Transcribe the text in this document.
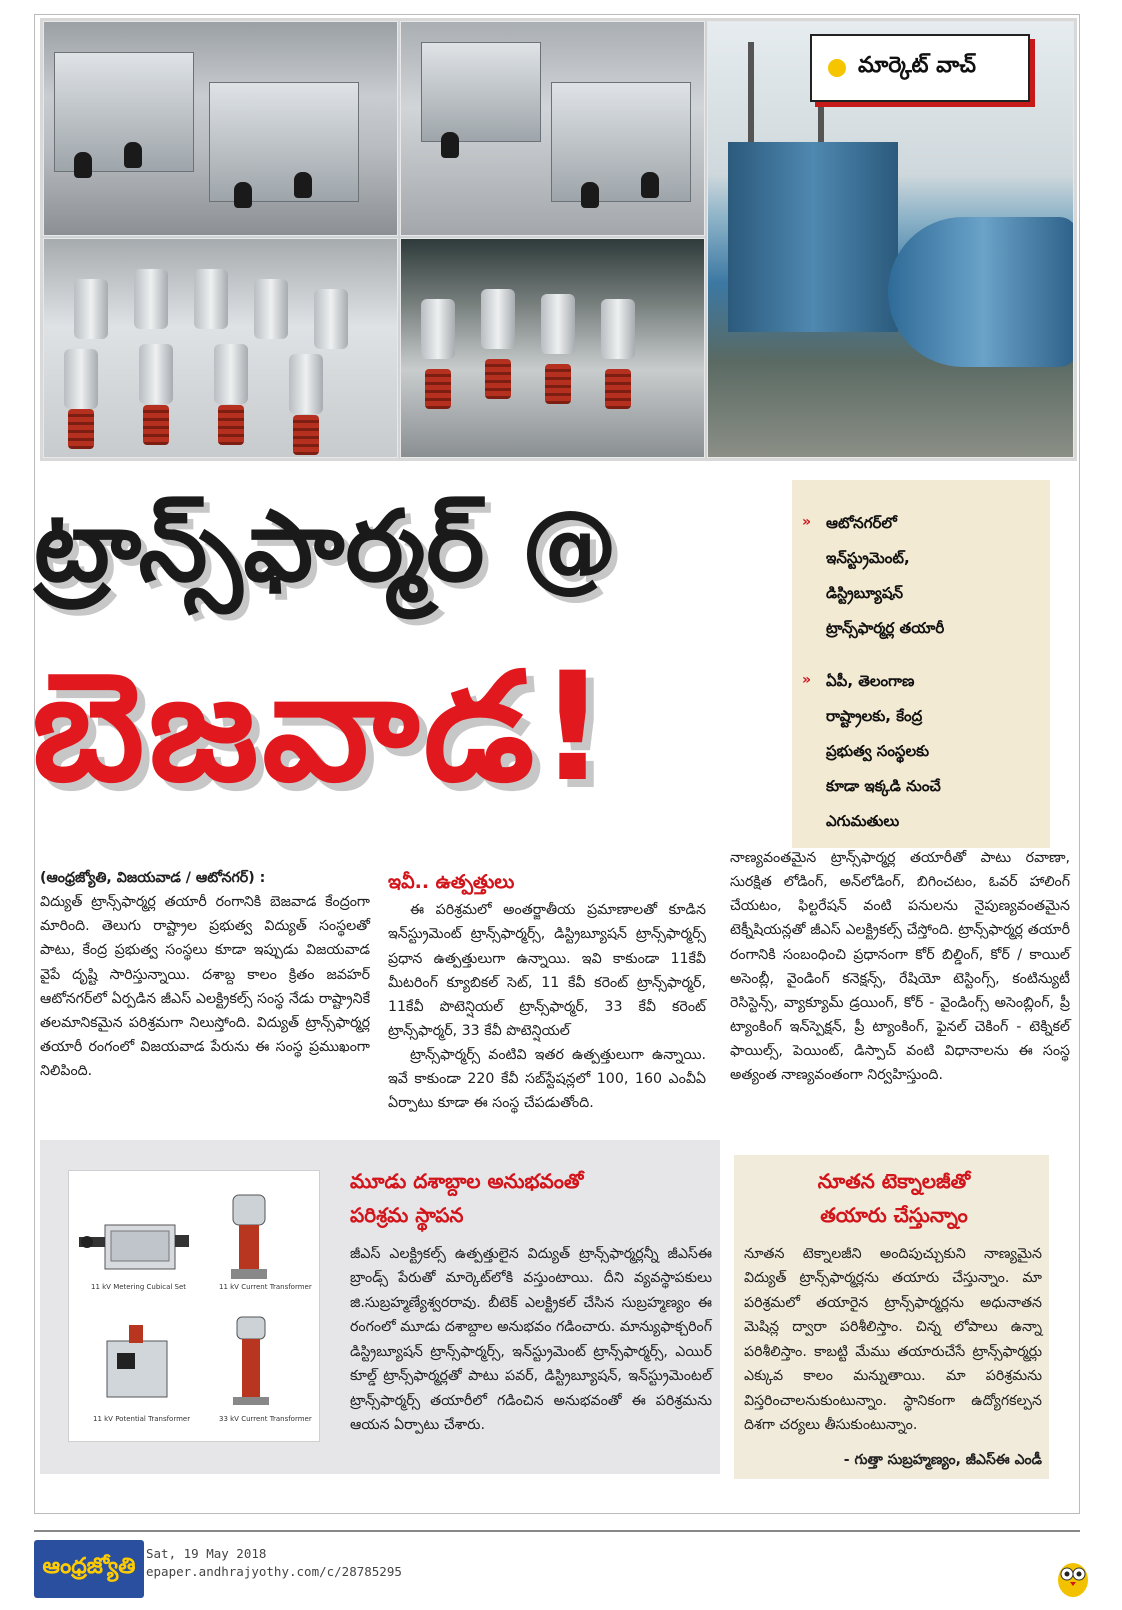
మార్కెట్ వాచ్
ట్రాన్స్‌ఫార్మర్ @
బెజవాడ!
» ఆటోనగర్‌లో
ఇన్‌స్ట్రుమెంట్,
డిస్ట్రిబ్యూషన్
ట్రాన్స్‌ఫార్మర్ల తయారీ
» ఏపీ, తెలంగాణ
రాష్ట్రాలకు, కేంద్ర
ప్రభుత్వ సంస్థలకు
కూడా ఇక్కడి నుంచే
ఎగుమతులు

(ఆంధ్రజ్యోతి, విజయవాడ / ఆటోనగర్‌) :

విద్యుత్‌ ట్రాన్స్‌ఫార్మర్ల తయారీ రంగానికి బెజవాడ కేంద్రంగా మారింది. తెలుగు రాష్ట్రాల ప్రభుత్వ విద్యుత్‌ సంస్థలతో పాటు, కేంద్ర ప్రభుత్వ సంస్థలు కూడా ఇప్పుడు విజయవాడ వైపే దృష్టి సారిస్తున్నాయి. దశాబ్ద కాలం క్రితం జవహర్‌ ఆటోనగర్‌లో ఏర్పడిన జీఎస్‌ ఎలక్ట్రికల్స్‌ సంస్థ నేడు రాష్ట్రానికే తలమానికమైన పరిశ్రమగా నిలుస్తోంది. విద్యుత్‌ ట్రాన్స్‌ఫార్మర్ల తయారీ రంగంలో విజయవాడ పేరును ఈ సంస్థ ప్రముఖంగా నిలిపింది.

ఇవీ.. ఉత్పత్తులు

ఈ పరిశ్రమలో అంతర్జాతీయ ప్రమాణాలతో కూడిన ఇన్‌స్ట్రుమెంట్‌ ట్రాన్స్‌ఫార్మర్స్‌, డిస్ట్రిబ్యూషన్‌ ట్రాన్స్‌ఫార్మర్స్‌ ప్రధాన ఉత్పత్తులుగా ఉన్నాయి. ఇవి కాకుండా 11కేవీ మీటరింగ్‌ క్యూబికల్‌ సెట్‌, 11 కేవీ కరెంట్‌ ట్రాన్స్‌ఫార్మర్‌, 11కేవీ పొటెన్షియల్‌ ట్రాన్స్‌ఫార్మర్‌, 33 కేవీ కరెంట్‌ ట్రాన్స్‌ఫార్మర్‌, 33 కేవీ పొటెన్షియల్‌

ట్రాన్స్‌ఫార్మర్స్‌ వంటివి ఇతర ఉత్పత్తులుగా ఉన్నాయి. ఇవే కాకుండా 220 కేవీ సబ్‌స్టేషన్లలో 100, 160 ఎంవీఏ ఏర్పాటు కూడా ఈ సంస్థ చేపడుతోంది.

నాణ్యవంతమైన ట్రాన్స్‌ఫార్మర్ల తయారీతో పాటు రవాణా, సురక్షిత లోడింగ్‌, అన్‌లోడింగ్‌, బిగించటం, ఓవర్‌ హాలింగ్‌ చేయటం, ఫిల్టరేషన్‌ వంటి పనులను నైపుణ్యవంతమైన టెక్నీషియన్లతో జీఎస్‌ ఎలక్ట్రికల్స్‌ చేస్తోంది. ట్రాన్స్‌ఫార్మర్ల తయారీ రంగానికి సంబంధించి ప్రధానంగా కోర్‌ బిల్డింగ్‌, కోర్‌ / కాయిల్‌ అసెంబ్లీ, వైండింగ్‌ కనెక్షన్స్‌, రేషియో టెస్టింగ్స్‌, కంటిన్యుటీ రెసిస్టెన్స్‌, వ్యాక్యూమ్‌ డ్రయింగ్‌, కోర్‌ - వైండింగ్స్‌ అసెంబ్లింగ్‌, ప్రీ ట్యాంకింగ్‌ ఇన్‌స్పెక్షన్‌, ప్రీ ట్యాంకింగ్‌, ఫైనల్‌ చెకింగ్‌ - టెక్నికల్‌ ఫాయిల్స్‌, పెయింట్‌, డిస్పాచ్‌ వంటి విధానాలను ఈ సంస్థ అత్యంత నాణ్యవంతంగా నిర్వహిస్తుంది.

11 kV Metering Cubical Set	11 kV Current Transformer
11 kV Potential Transformer	33 kV Current Transformer
మూడు దశాబ్దాల అనుభవంతో
పరిశ్రమ స్థాపన
జీఎస్‌ ఎలక్ట్రికల్స్‌ ఉత్పత్తులైన విద్యుత్‌ ట్రాన్స్‌ఫార్మర్లన్నీ జీఎస్‌ఈ బ్రాండ్స్‌ పేరుతో మార్కెట్‌లోకి వస్తుంటాయి. దీని వ్యవస్థాపకులు జి.సుబ్రహ్మణ్యేశ్వరరావు. బీటెక్‌ ఎలక్ట్రికల్‌ చేసిన సుబ్రహ్మణ్యం ఈ రంగంలో మూడు దశాబ్దాల అనుభవం గడించారు. మాన్యుఫాక్చరింగ్‌ డిస్ట్రిబ్యూషన్‌ ట్రాన్స్‌ఫార్మర్స్‌, ఇన్‌స్ట్రుమెంట్‌ ట్రాన్స్‌ఫార్మర్స్‌, ఎయిర్‌ కూల్డ్‌ ట్రాన్స్‌ఫార్మర్లతో పాటు పవర్‌, డిస్ట్రిబ్యూషన్‌, ఇన్‌స్ట్రుమెంటల్‌ ట్రాన్స్‌ఫార్మర్స్‌ తయారీలో గడించిన అనుభవంతో ఈ పరిశ్రమను ఆయన ఏర్పాటు చేశారు.
నూతన టెక్నాలజీతో
తయారు చేస్తున్నాం
నూతన టెక్నాలజీని అందిపుచ్చుకుని నాణ్యమైన విద్యుత్‌ ట్రాన్స్‌ఫార్మర్లను తయారు చేస్తున్నాం. మా పరిశ్రమలో తయారైన ట్రాన్స్‌ఫార్మర్లను అధునాతన మెషిన్ల ద్వారా పరిశీలిస్తాం. చిన్న లోపాలు ఉన్నా పరిశీలిస్తాం. కాబట్టి మేము తయారుచేసే ట్రాన్స్‌ఫార్మర్లు ఎక్కువ కాలం మన్నుతాయి. మా పరిశ్రమను విస్తరించాలనుకుంటున్నాం. స్థానికంగా ఉద్యోగకల్పన దిశగా చర్యలు తీసుకుంటున్నాం.
- గుత్తా సుబ్రహ్మణ్యం, జీఎస్‌ఈ ఎండీ
ఆంధ్రజ్యోతి
Sat, 19 May 2018
epaper.andhrajyothy.com/c/28785295
